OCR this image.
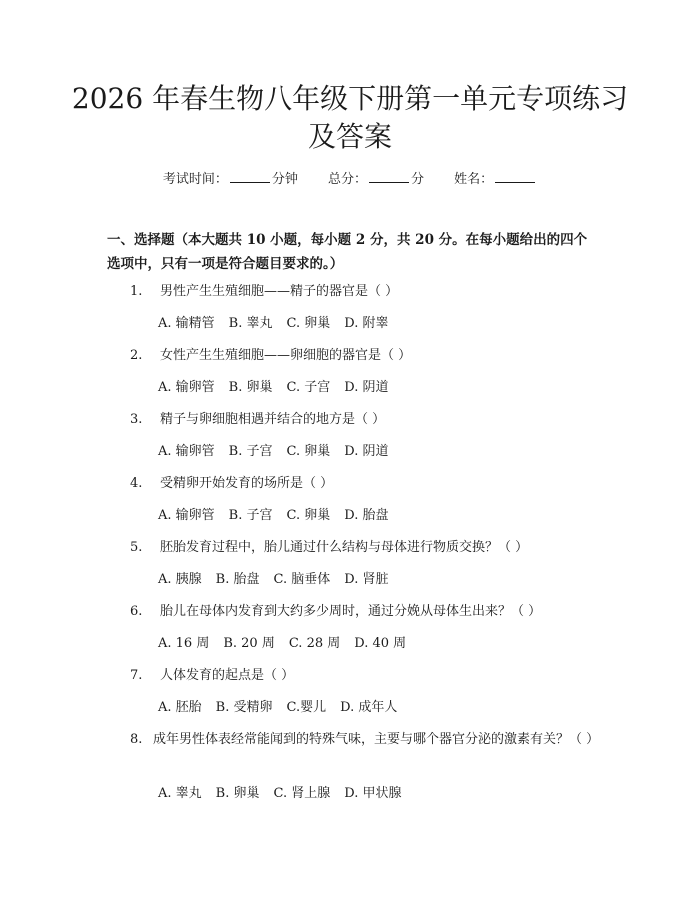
2026 年春生物八年级下册第一单元专项练习
及答案
考试时间：	分钟 总分：	分 姓名：

一、选择题（本大题共 10 小题，每小题 2 分，共 20 分。在每小题给出的四个选项中，只有一项是符合题目要求的。）

1. 男性产生生殖细胞——精子的器官是（ ）
A. 输精管 B. 睾丸 C. 卵巢 D. 附睾
2. 女性产生生殖细胞——卵细胞的器官是（ ）
A. 输卵管 B. 卵巢 C. 子宫 D. 阴道
3. 精子与卵细胞相遇并结合的地方是（ ）
A. 输卵管 B. 子宫 C. 卵巢 D. 阴道
4. 受精卵开始发育的场所是（ ）
A. 输卵管 B. 子宫 C. 卵巢 D. 胎盘
5. 胚胎发育过程中，胎儿通过什么结构与母体进行物质交换？（ ）
A. 胰腺 B. 胎盘 C. 脑垂体 D. 肾脏
6. 胎儿在母体内发育到大约多少周时，通过分娩从母体生出来？（ ）
A. 16 周 B. 20 周 C. 28 周 D. 40 周
7. 人体发育的起点是（ ）
A. 胚胎 B. 受精卵 C.婴儿 D. 成年人
8. 成年男性体表经常能闻到的特殊气味，主要与哪个器官分泌的激素有关？（ ）
A. 睾丸 B. 卵巢 C. 肾上腺 D. 甲状腺
